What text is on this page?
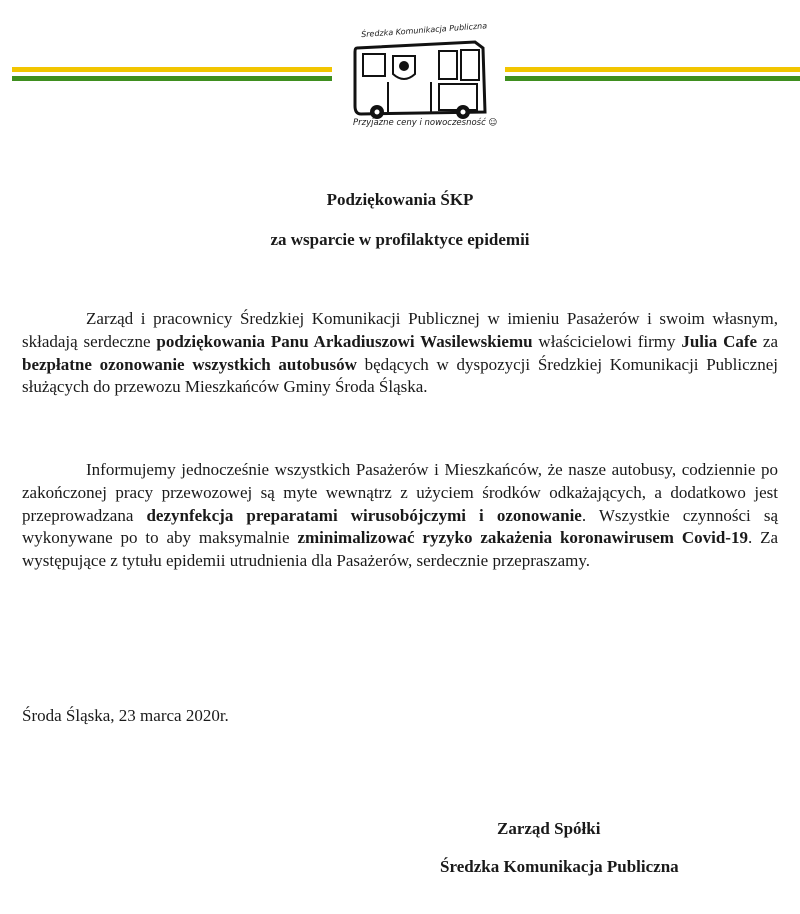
Średzka Komunikacja Publiczna
Przyjazne ceny i nowoczesność ☺
Podziękowania ŚKP
za wsparcie w profilaktyce epidemii

Zarząd i pracownicy Średzkiej Komunikacji Publicznej w imieniu Pasażerów i swoim własnym, składają serdeczne podziękowania Panu Arkadiuszowi Wasilewskiemu właścicielowi firmy Julia Cafe za bezpłatne ozonowanie wszystkich autobusów będących w dyspozycji Średzkiej Komunikacji Publicznej służących do przewozu Mieszkańców Gminy Środa Śląska.

Informujemy jednocześnie wszystkich Pasażerów i Mieszkańców, że nasze autobusy, codziennie po zakończonej pracy przewozowej są myte wewnątrz z użyciem środków odkażających, a dodatkowo jest przeprowadzana dezynfekcja preparatami wirusobójczymi i ozonowanie. Wszystkie czynności są wykonywane po to aby maksymalnie zminimalizować ryzyko zakażenia koronawirusem Covid-19. Za występujące z tytułu epidemii utrudnienia dla Pasażerów, serdecznie przepraszamy.

Środa Śląska, 23 marca 2020r.
Zarząd Spółki
Średzka Komunikacja Publiczna
